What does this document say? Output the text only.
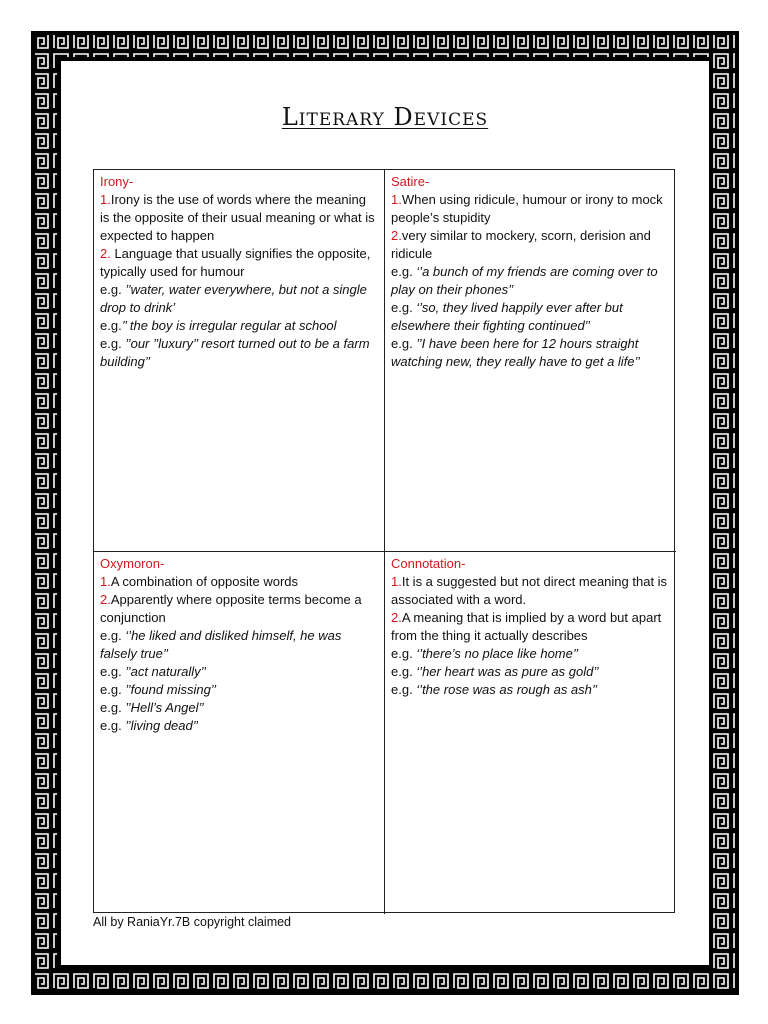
Literary Devices
Irony-
1.Irony is the use of words where the meaning is the opposite of their usual meaning or what is expected to happen
2. Language that usually signifies the opposite, typically used for humour
e.g. ’’water, water everywhere, but not a single drop to drink’
e.g.’’ the boy is irregular regular at school
e.g. ’’our ’’luxury’’ resort turned out to be a farm building’’
Satire-
1.When using ridicule, humour or irony to mock people’s stupidity
2.very similar to mockery, scorn, derision and ridicule
e.g. ‘’a bunch of my friends are coming over to play on their phones’’
e.g. ‘’so, they lived happily ever after but elsewhere their fighting continued’’
e.g. ’’I have been here for 12 hours straight watching new, they really have to get a life’’
Oxymoron-
1.A combination of opposite words
2.Apparently where opposite terms become a conjunction
e.g. ‘’he liked and disliked himself, he was falsely true’’
e.g. ’’act naturally’’
e.g. ’’found missing’’
e.g. ’’Hell’s Angel’’
e.g. ’’living dead’’
Connotation-
1.It is a suggested but not direct meaning that is associated with a word.
2.A meaning that is implied by a word but apart from the thing it actually describes
e.g. ‘’there’s no place like home’’
e.g. ‘’her heart was as pure as gold’’
e.g. ‘’the rose was as rough as ash’’
All by RaniaYr.7B copyright claimed
